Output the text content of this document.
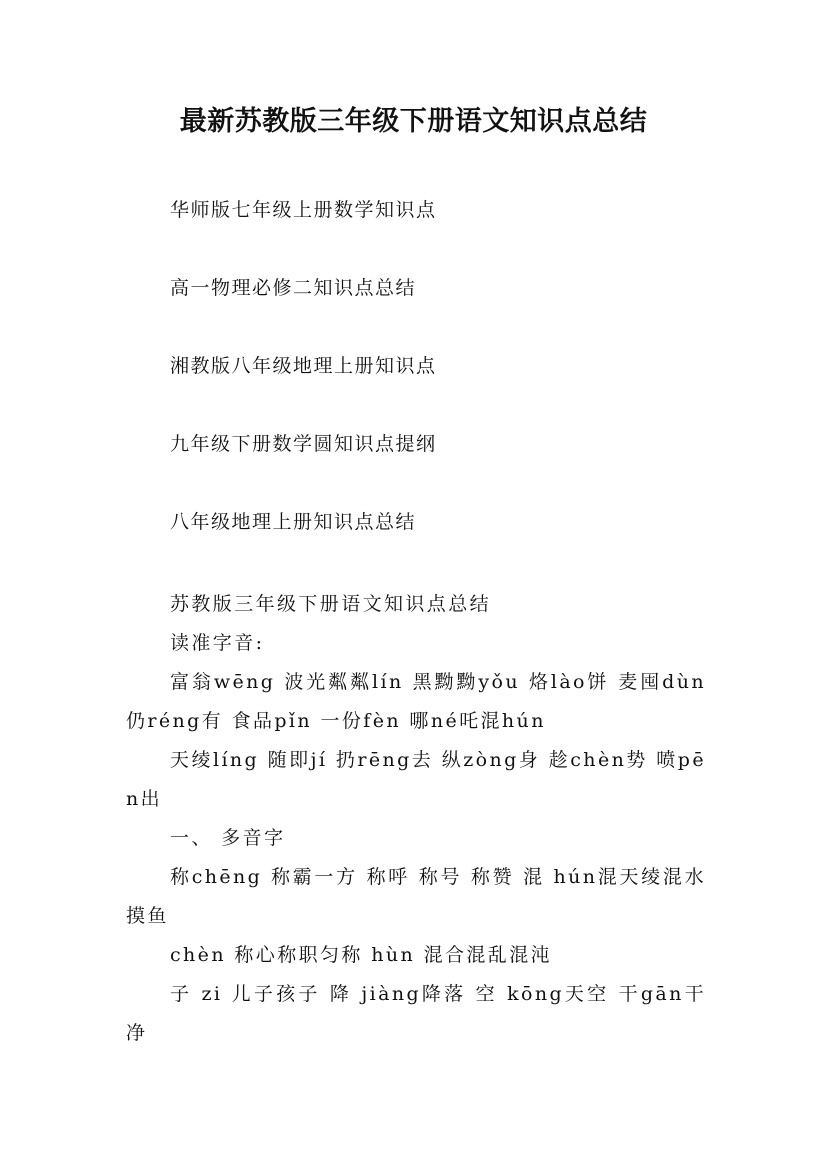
最新苏教版三年级下册语文知识点总结
华师版七年级上册数学知识点
高一物理必修二知识点总结
湘教版八年级地理上册知识点
九年级下册数学圆知识点提纲
八年级地理上册知识点总结

苏教版三年级下册语文知识点总结

读准字音:

富翁wēng 波光粼粼lín 黑黝黝yǒu 烙lào饼 麦囤dùn 仍réng有 食品pǐn 一份fèn 哪né吒混hún

天绫líng 随即jí 扔rēng去 纵zòng身 趁chèn势 喷pēn出

一、 多音字

称chēng 称霸一方 称呼 称号 称赞 混 hún混天绫混水摸鱼

chèn 称心称职匀称 hùn 混合混乱混沌

子 zi 儿子孩子 降 jiàng降落 空 kōng天空 干gān干净
